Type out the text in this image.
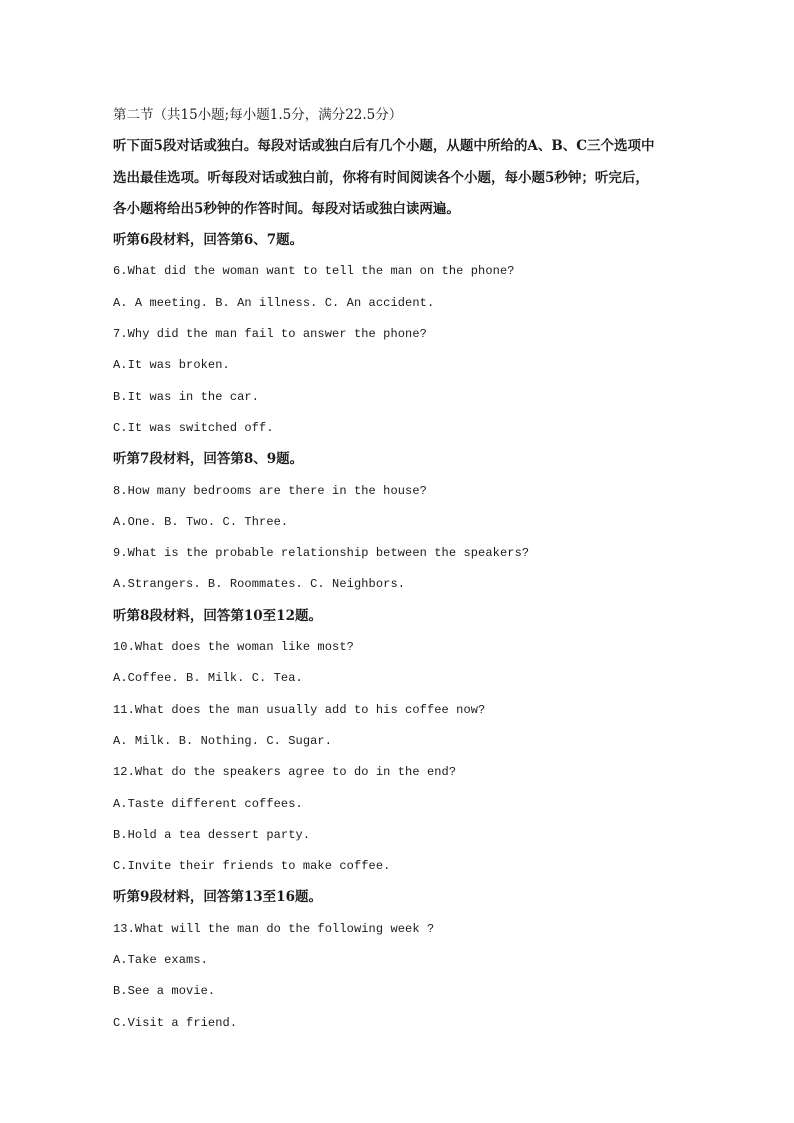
第二节（共15小题;每小题1.5分，满分22.5分）
听下面5段对话或独白。每段对话或独白后有几个小题，从题中所给的A、B、C三个选项中
选出最佳选项。听每段对话或独白前，你将有时间阅读各个小题，每小题5秒钟；听完后，
各小题将给出5秒钟的作答时间。每段对话或独白读两遍。
听第6段材料，回答第6、7题。
6.What did the woman want to tell the man on the phone?
A. A meeting. B. An illness. C. An accident.
7.Why did the man fail to answer the phone?
A.It was broken.
B.It was in the car.
C.It was switched off.
听第7段材料，回答第8、9题。
8.How many bedrooms are there in the house?
A.One. B. Two. C. Three.
9.What is the probable relationship between the speakers?
A.Strangers. B. Roommates. C. Neighbors.
听第8段材料，回答第10至12题。
10.What does the woman like most?
A.Coffee. B. Milk. C. Tea.
11.What does the man usually add to his coffee now?
A. Milk. B. Nothing. C. Sugar.
12.What do the speakers agree to do in the end?
A.Taste different coffees.
B.Hold a tea dessert party.
C.Invite their friends to make coffee.
听第9段材料，回答第13至16题。
13.What will the man do the following week ?
A.Take exams.
B.See a movie.
C.Visit a friend.
